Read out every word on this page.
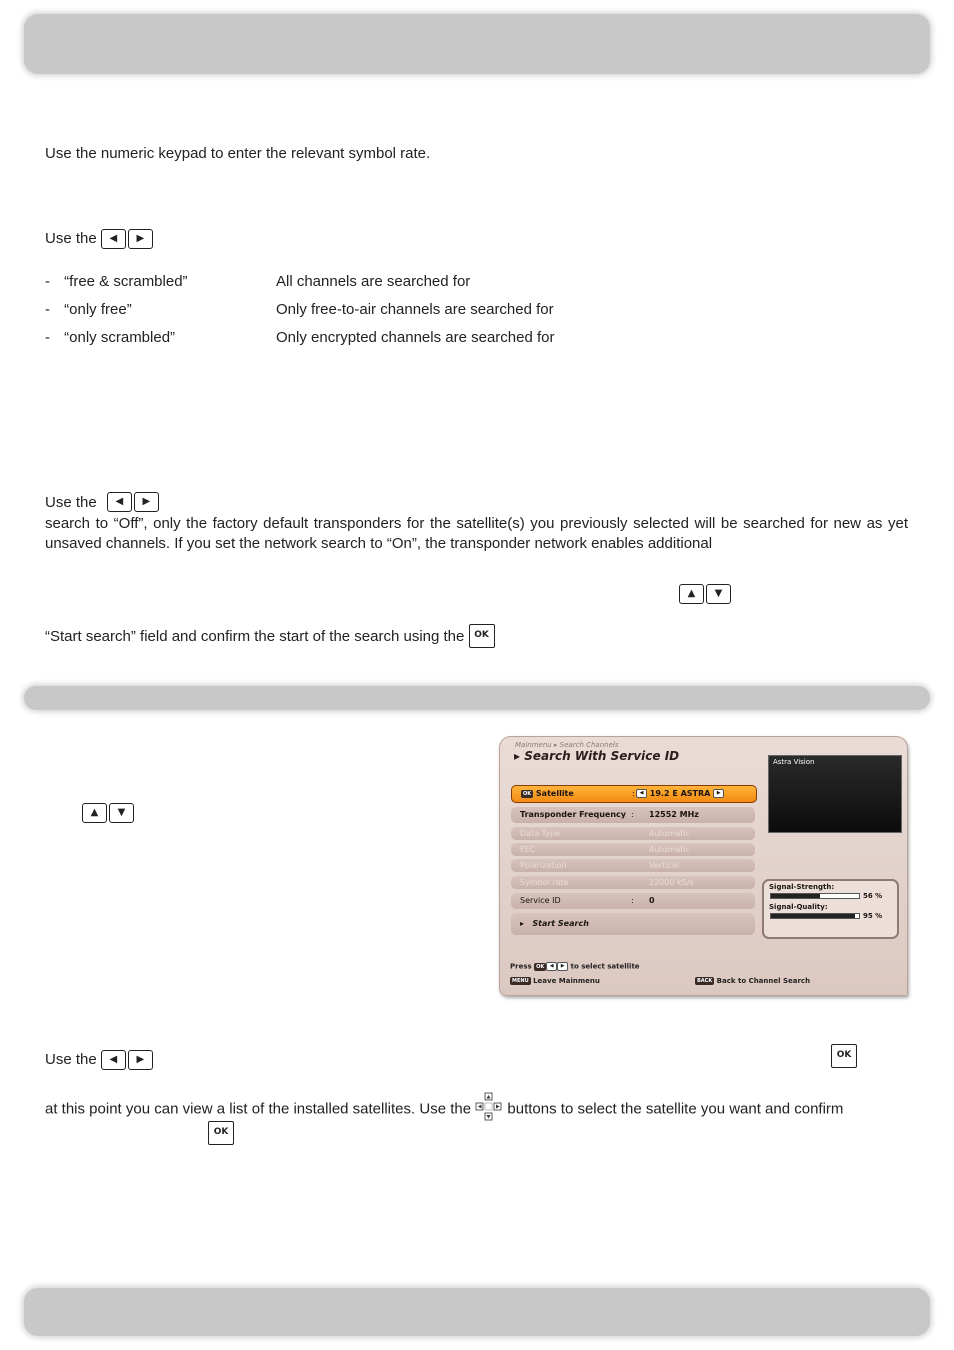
Use the numeric keypad to enter the relevant symbol rate.
Use the ◀ ▶
- “free & scrambled”	All channels are searched for
- “only free”	Only free-to-air channels are searched for
- “only scrambled”	Only encrypted channels are searched for
Use the ◀ ▶
search to “Off”, only the factory default transponders for the satellite(s) you previously selected will be searched for new as yet unsaved channels. If you set the network search to “On”, the transponder network enables additional
▲ ▼
“Start search” field and confirm the start of the search using the OK
▲ ▼
Mainmenu ▸ Search Channels
▸ Search With Service ID
OK Satellite	: ◀ 19.2 E ASTRA ▶
Transponder Frequency : 12552 MHz
Data Type	Automatic
FEC	Automatic
Polarization	Vertical
Symbol rate	22000 kS/s
Service ID	: 0
▸   Start Search
Astra Vision
Signal-Strength:
56 %
Signal-Quality:
95 %
Press OK ◀ ▶ to select satellite
MENU Leave Mainmenu	BACK Back to Channel Search
Use the ◀ ▶	OK
at this point you can view a list of the installed satellites. Use the buttons to select the satellite you want and confirm
OK
